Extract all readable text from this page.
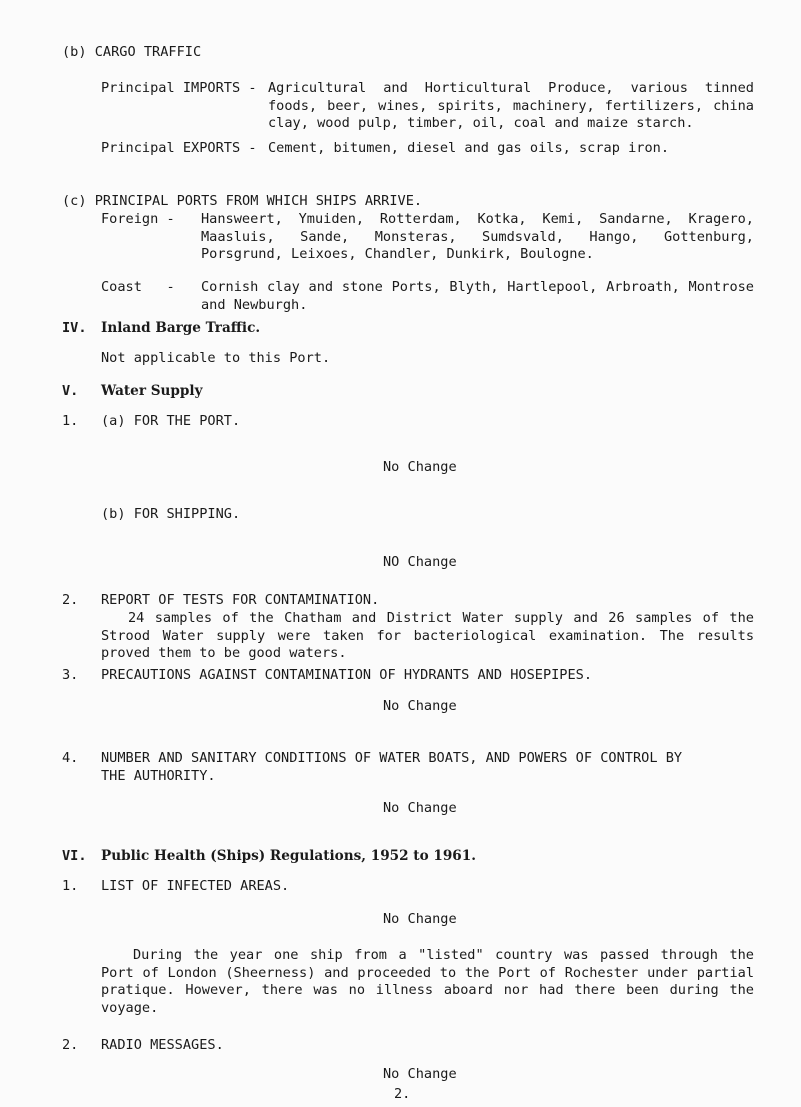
(b) CARGO TRAFFIC
Principal IMPORTS - Agricultural and Horticultural Produce, various tinned foods, beer, wines, spirits, machinery, fertilizers, china clay, wood pulp, timber, oil, coal and maize starch.
Principal EXPORTS - Cement, bitumen, diesel and gas oils, scrap iron.
(c) PRINCIPAL PORTS FROM WHICH SHIPS ARRIVE.
Foreign - Hansweert, Ymuiden, Rotterdam, Kotka, Kemi, Sandarne, Kragero, Maasluis, Sande, Monsteras, Sumdsvald, Hango, Gottenburg, Porsgrund, Leixoes, Chandler, Dunkirk, Boulogne.
Coast   - Cornish clay and stone Ports, Blyth, Hartlepool, Arbroath, Montrose and Newburgh.
IV. Inland Barge Traffic.
Not applicable to this Port.
V. Water Supply
1. (a) FOR THE PORT.
No Change
(b) FOR SHIPPING.
NO Change
2. REPORT OF TESTS FOR CONTAMINATION.
24 samples of the Chatham and District Water supply and 26 samples of the Strood Water supply were taken for bacteriological examination. The results proved them to be good waters.
3. PRECAUTIONS AGAINST CONTAMINATION OF HYDRANTS AND HOSEPIPES.
No Change
4. NUMBER AND SANITARY CONDITIONS OF WATER BOATS, AND POWERS OF CONTROL BY
THE AUTHORITY.
No Change
VI. Public Health (Ships) Regulations, 1952 to 1961.
1. LIST OF INFECTED AREAS.
No Change
During the year one ship from a "listed" country was passed through the Port of London (Sheerness) and proceeded to the Port of Rochester under partial pratique. However, there was no illness aboard nor had there been during the voyage.
2. RADIO MESSAGES.
No Change
2.
